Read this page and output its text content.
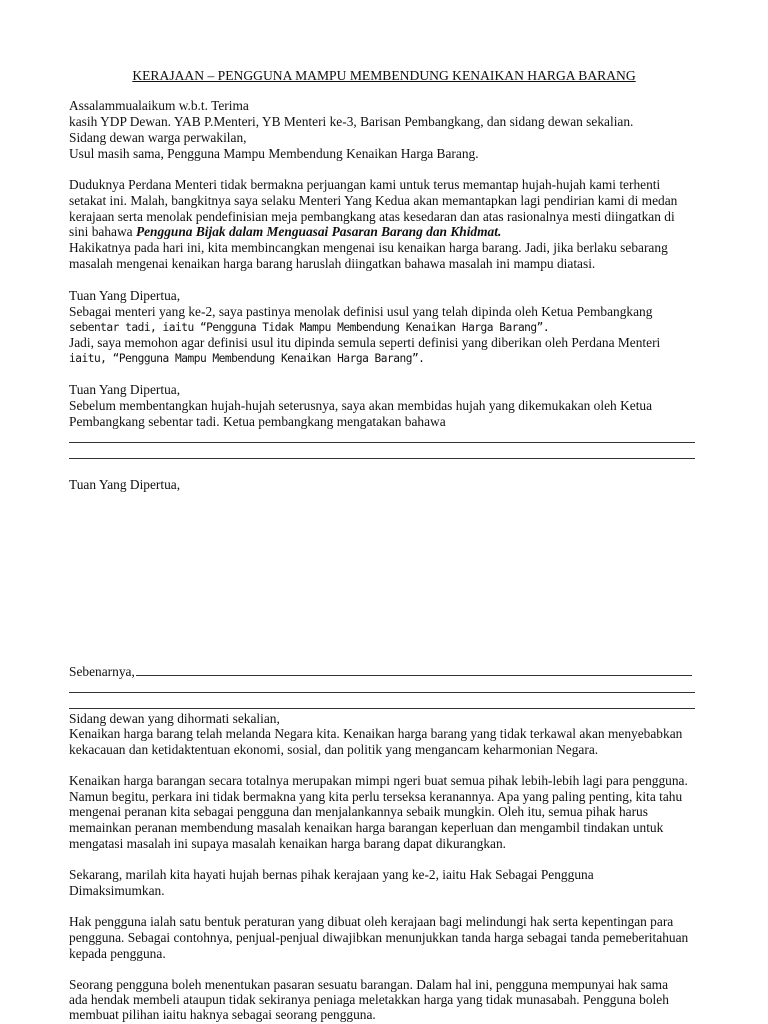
KERAJAAN – PENGGUNA MAMPU MEMBENDUNG KENAIKAN HARGA BARANG
Assalammualaikum w.b.t. Terima
kasih YDP Dewan. YAB P.Menteri, YB Menteri ke-3, Barisan Pembangkang, dan sidang dewan sekalian.
Sidang dewan warga perwakilan,
Usul masih sama, Pengguna Mampu Membendung Kenaikan Harga Barang.
Duduknya Perdana Menteri tidak bermakna perjuangan kami untuk terus memantap hujah-hujah kami terhenti
setakat ini. Malah, bangkitnya saya selaku Menteri Yang Kedua akan memantapkan lagi pendirian kami di medan
kerajaan serta menolak pendefinisian meja pembangkang atas kesedaran dan atas rasionalnya mesti diingatkan di
sini bahawa Pengguna Bijak dalam Menguasai Pasaran Barang dan Khidmat.
Hakikatnya pada hari ini, kita membincangkan mengenai isu kenaikan harga barang. Jadi, jika berlaku sebarang
masalah mengenai kenaikan harga barang haruslah diingatkan bahawa masalah ini mampu diatasi.
Tuan Yang Dipertua,
Sebagai menteri yang ke-2, saya pastinya menolak definisi usul yang telah dipinda oleh Ketua Pembangkang
sebentar tadi, iaitu “Pengguna Tidak Mampu Membendung Kenaikan Harga Barang”.
Jadi, saya memohon agar definisi usul itu dipinda semula seperti definisi yang diberikan oleh Perdana Menteri
iaitu, “Pengguna Mampu Membendung Kenaikan Harga Barang”.
Tuan Yang Dipertua,
Sebelum membentangkan hujah-hujah seterusnya, saya akan membidas hujah yang dikemukakan oleh Ketua
Pembangkang sebentar tadi. Ketua pembangkang mengatakan bahawa
Tuan Yang Dipertua,
Sebenarnya,
Sidang dewan yang dihormati sekalian,
Kenaikan harga barang telah melanda Negara kita. Kenaikan harga barang yang tidak terkawal akan menyebabkan
kekacauan dan ketidaktentuan ekonomi, sosial, dan politik yang mengancam keharmonian Negara.
Kenaikan harga barangan secara totalnya merupakan mimpi ngeri buat semua pihak lebih-lebih lagi para pengguna.
Namun begitu, perkara ini tidak bermakna yang kita perlu terseksa keranannya. Apa yang paling penting, kita tahu
mengenai peranan kita sebagai pengguna dan menjalankannya sebaik mungkin. Oleh itu, semua pihak harus
memainkan peranan membendung masalah kenaikan harga barangan keperluan dan mengambil tindakan untuk
mengatasi masalah ini supaya masalah kenaikan harga barang dapat dikurangkan.
Sekarang, marilah kita hayati hujah bernas pihak kerajaan yang ke-2, iaitu Hak Sebagai Pengguna
Dimaksimumkan.
Hak pengguna ialah satu bentuk peraturan yang dibuat oleh kerajaan bagi melindungi hak serta kepentingan para
pengguna. Sebagai contohnya, penjual-penjual diwajibkan menunjukkan tanda harga sebagai tanda pemeberitahuan
kepada pengguna.
Seorang pengguna boleh menentukan pasaran sesuatu barangan. Dalam hal ini, pengguna mempunyai hak sama
ada hendak membeli ataupun tidak sekiranya peniaga meletakkan harga yang tidak munasabah. Pengguna boleh
membuat pilihan iaitu haknya sebagai seorang pengguna.
